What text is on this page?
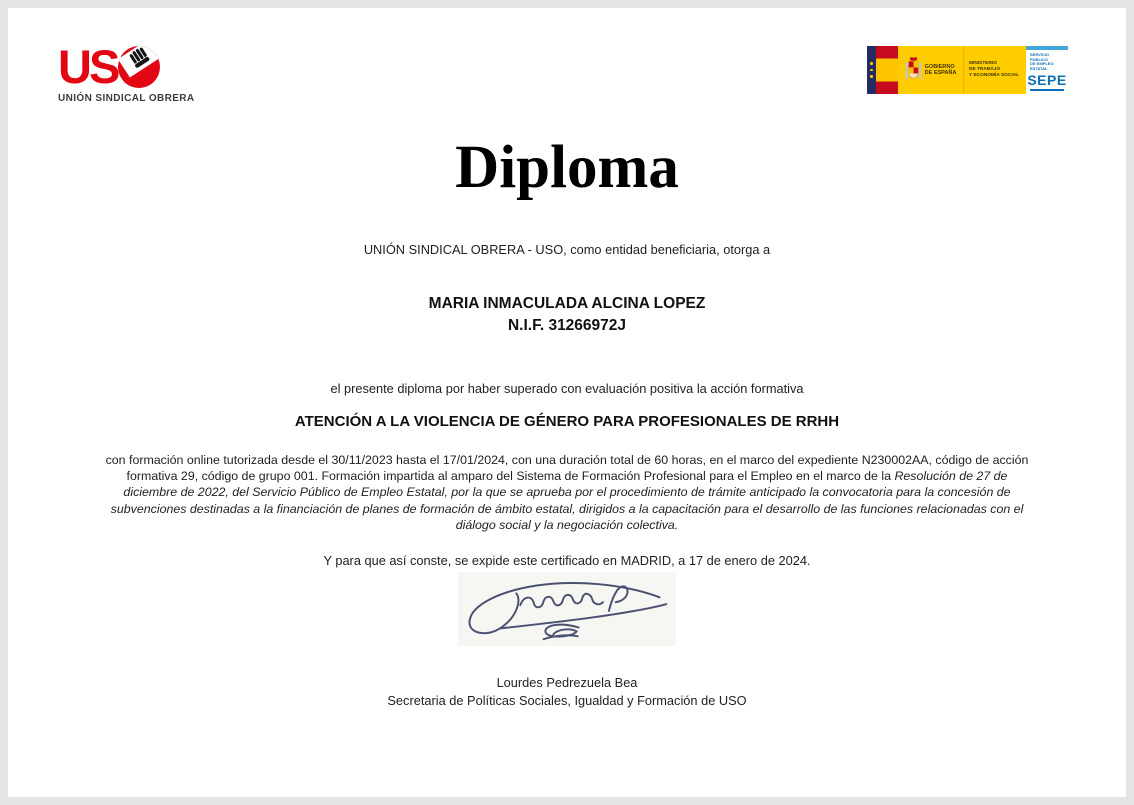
US
UNIÓN SINDICAL OBRERA
GOBIERNO
DE ESPAÑA
MINISTERIO
DE TRABAJO
Y ECONOMÍA SOCIAL
SERVICIO PÚBLICO
DE EMPLEO ESTATAL
SEPE
Diploma
UNIÓN SINDICAL OBRERA - USO, como entidad beneficiaria, otorga a
MARIA INMACULADA ALCINA LOPEZ
N.I.F. 31266972J
el presente diploma por haber superado con evaluación positiva la acción formativa
ATENCIÓN A LA VIOLENCIA DE GÉNERO PARA PROFESIONALES DE RRHH

con formación online tutorizada desde el 30/11/2023 hasta el 17/01/2024, con una duración total de 60 horas, en el marco del expediente N230002AA, código de acción formativa 29, código de grupo 001. Formación impartida al amparo del Sistema de Formación Profesional para el Empleo en el marco de la Resolución de 27 de diciembre de 2022, del Servicio Público de Empleo Estatal, por la que se aprueba por el procedimiento de trámite anticipado la convocatoria para la concesión de subvenciones destinadas a la financiación de planes de formación de ámbito estatal, dirigidos a la capacitación para el desarrollo de las funciones relacionadas con el diálogo social y la negociación colectiva.

Y para que así conste, se expide este certificado en MADRID, a 17 de enero de 2024.
Lourdes Pedrezuela Bea
Secretaria de Políticas Sociales, Igualdad y Formación de USO
